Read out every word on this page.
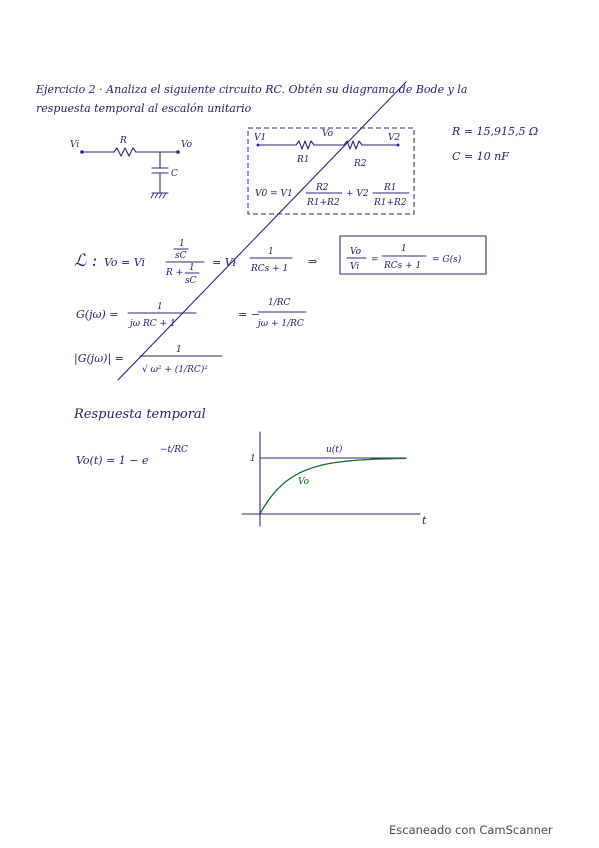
Ejercicio 2 · Analiza el siguiente circuito RC. Obtén su diagrama de Bode y la
respuesta temporal al escalón unitario
Vi	R	Vo
C
V1	Vo	V2
R1	R2
V0 = V1
R2
R1+R2
+ V2
R1
R1+R2
R = 15,915,5 Ω
C = 10 nF
ℒ : Vo = Vi
1
sC
R + 1
sC
= Vi
1
RCs + 1
⇒
Vo
Vi
=
1
RCs + 1
= G(s)
G(jω) =
1
jω RC + 1
= −
1/RC
jω + 1/RC
|G(jω)| =
1
√ ω² + (1/RC)²
Respuesta temporal
Vo(t) = 1 − e
−t/RC
1
u(t)
Vo
t
Escaneado con CamScanner
